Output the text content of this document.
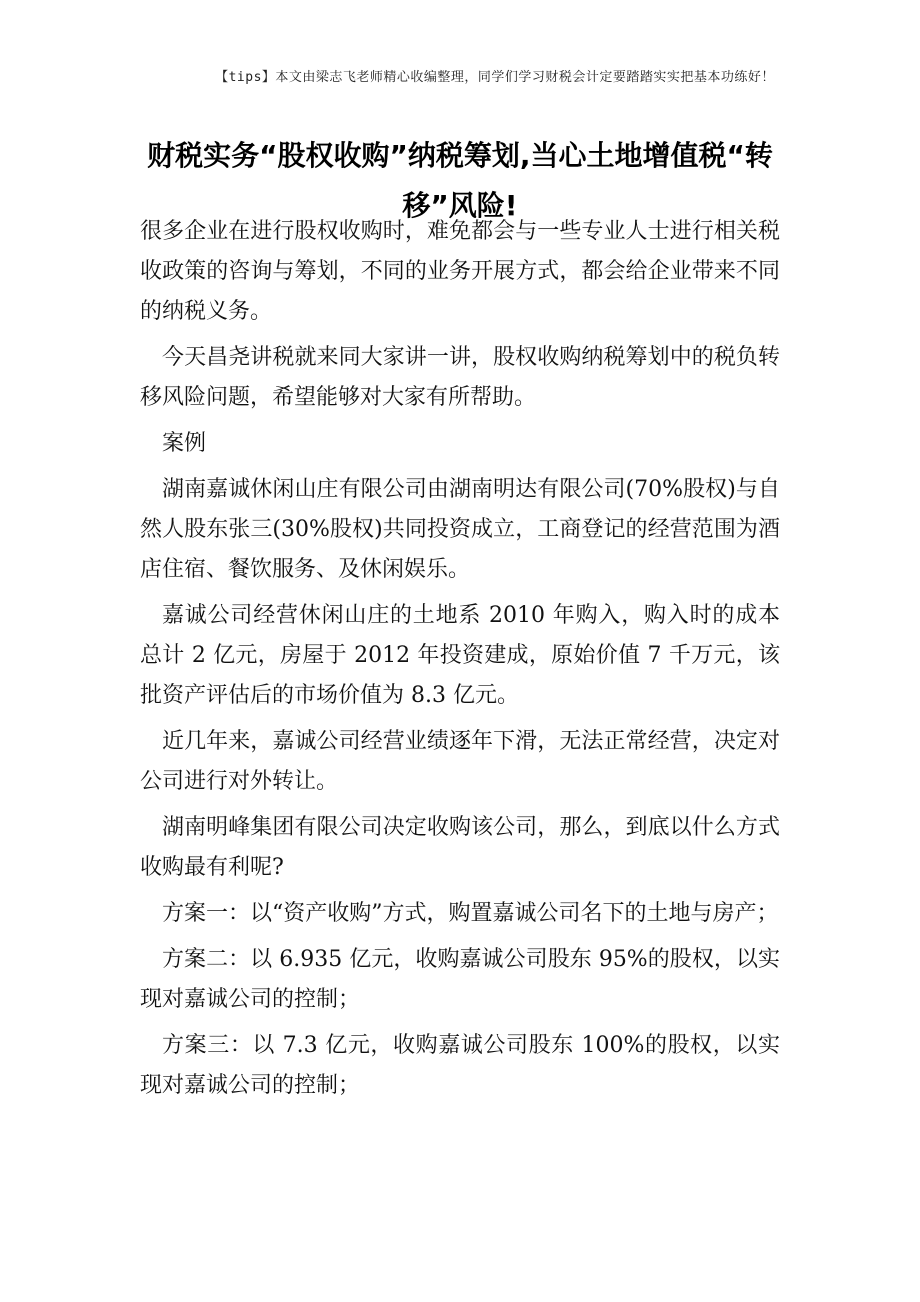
【tips】本文由梁志飞老师精心收编整理，同学们学习财税会计定要踏踏实实把基本功练好！
财税实务“股权收购”纳税筹划,当心土地增值税“转移”风险!

很多企业在进行股权收购时，难免都会与一些专业人士进行相关税收政策的咨询与筹划，不同的业务开展方式，都会给企业带来不同的纳税义务。

今天昌尧讲税就来同大家讲一讲，股权收购纳税筹划中的税负转移风险问题，希望能够对大家有所帮助。

案例

湖南嘉诚休闲山庄有限公司由湖南明达有限公司(70%股权)与自然人股东张三(30%股权)共同投资成立，工商登记的经营范围为酒店住宿、餐饮服务、及休闲娱乐。

嘉诚公司经营休闲山庄的土地系 2010 年购入，购入时的成本总计 2 亿元，房屋于 2012 年投资建成，原始价值 7 千万元，该批资产评估后的市场价值为 8.3 亿元。

近几年来，嘉诚公司经营业绩逐年下滑，无法正常经营，决定对公司进行对外转让。

湖南明峰集团有限公司决定收购该公司，那么，到底以什么方式收购最有利呢?

方案一：以“资产收购”方式，购置嘉诚公司名下的土地与房产；

方案二：以 6.935 亿元，收购嘉诚公司股东 95%的股权，以实现对嘉诚公司的控制；

方案三：以 7.3 亿元，收购嘉诚公司股东 100%的股权，以实现对嘉诚公司的控制；
